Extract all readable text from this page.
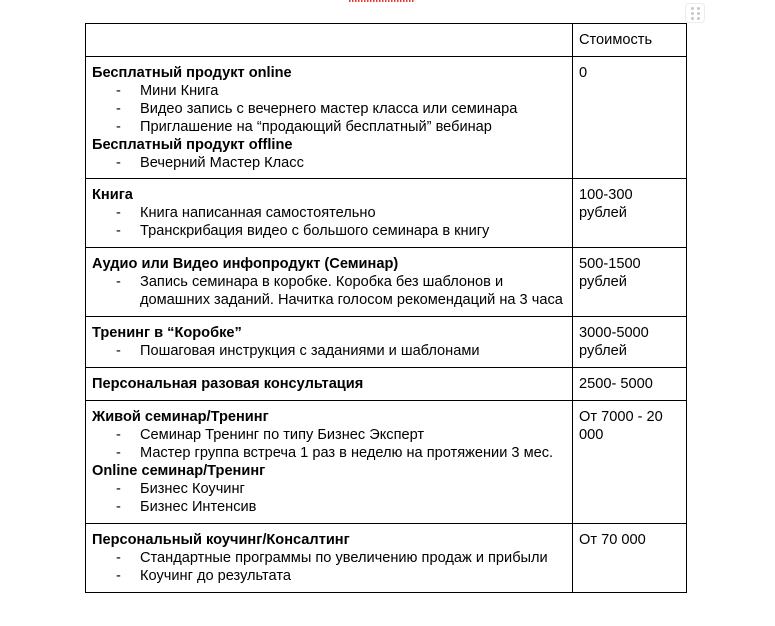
	Стоимость

Бесплатный продукт online
- Мини Книга
- Видео запись с вечернего мастер класса или семинара
- Приглашение на “продающий бесплатный” вебинар
Бесплатный продукт offline
- Вечерний Мастер Класс
	0

Книга
- Книга написанная самостоятельно
- Транскрибация видео с большого семинара в книгу
	100-300 рублей

Аудио или Видео инфопродукт (Семинар)
- Запись семинара в коробке. Коробка без шаблонов и домашних заданий. Начитка голосом рекомендаций на 3 часа
	500-1500 рублей

Тренинг в “Коробке”
- Пошаговая инструкция с заданиями и шаблонами
	3000-5000 рублей

Персональная разовая консультация	2500- 5000

Живой семинар/Тренинг
- Семинар Тренинг по типу Бизнес Эксперт
- Мастер группа встреча 1 раз в неделю на протяжении 3 мес.
Online семинар/Тренинг
- Бизнес Коучинг
- Бизнес Интенсив
	От 7000 - 20 000

Персональный коучинг/Консалтинг
- Стандартные программы по увеличению продаж и прибыли
- Коучинг до результата
	От 70 000
